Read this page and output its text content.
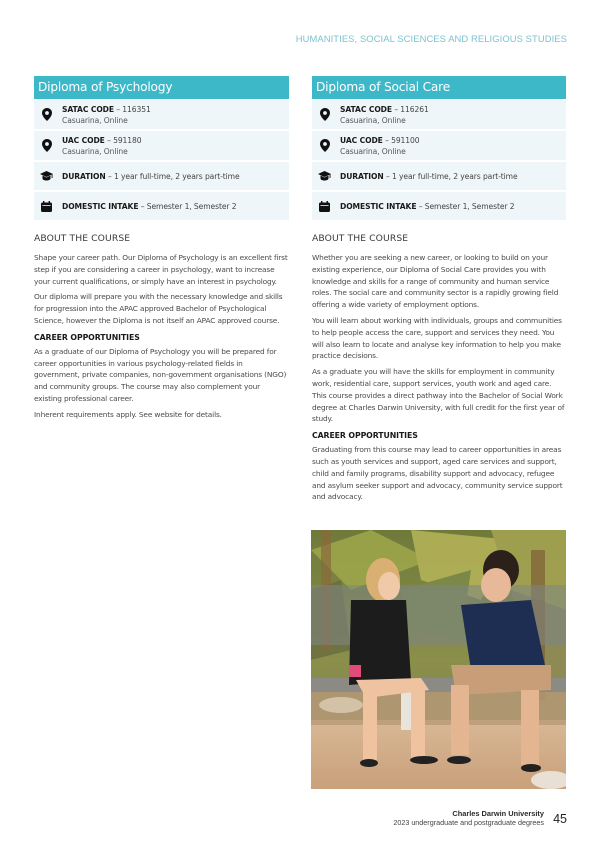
HUMANITIES, SOCIAL SCIENCES AND RELIGIOUS STUDIES
Diploma of Psychology
SATAC CODE – 116351
Casuarina, Online
UAC CODE – 591180
Casuarina, Online
DURATION – 1 year full-time, 2 years part-time
DOMESTIC INTAKE – Semester 1, Semester 2
ABOUT THE COURSE

Shape your career path. Our Diploma of Psychology is an excellent first step if you are considering a career in psychology, want to increase your current qualifications, or simply have an interest in psychology.

Our diploma will prepare you with the necessary knowledge and skills for progression into the APAC approved Bachelor of Psychological Science, however the Diploma is not itself an APAC approved course.

CAREER OPPORTUNITIES

As a graduate of our Diploma of Psychology you will be prepared for career opportunities in various psychology-related fields in government, private companies, non-government organisations (NGO) and community groups. The course may also complement your existing professional career.

Inherent requirements apply. See website for details.

Diploma of Social Care
SATAC CODE – 116261
Casuarina, Online
UAC CODE – 591100
Casuarina, Online
DURATION – 1 year full-time, 2 years part-time
DOMESTIC INTAKE – Semester 1, Semester 2
ABOUT THE COURSE

Whether you are seeking a new career, or looking to build on your existing experience, our Diploma of Social Care provides you with knowledge and skills for a range of community and human service roles. The social care and community sector is a rapidly growing field offering a wide variety of employment options.

You will learn about working with individuals, groups and communities to help people access the care, support and services they need. You will also learn to locate and analyse key information to help you make practice decisions.

As a graduate you will have the skills for employment in community work, residential care, support services, youth work and aged care. This course provides a direct pathway into the Bachelor of Social Work degree at Charles Darwin University, with full credit for the first year of study.

CAREER OPPORTUNITIES

Graduating from this course may lead to career opportunities in areas such as youth services and support, aged care services and support, child and family programs, disability support and advocacy, refugee and asylum seeker support and advocacy, community service support and advocacy.

Charles Darwin University
2023 undergraduate and postgraduate degrees 45
